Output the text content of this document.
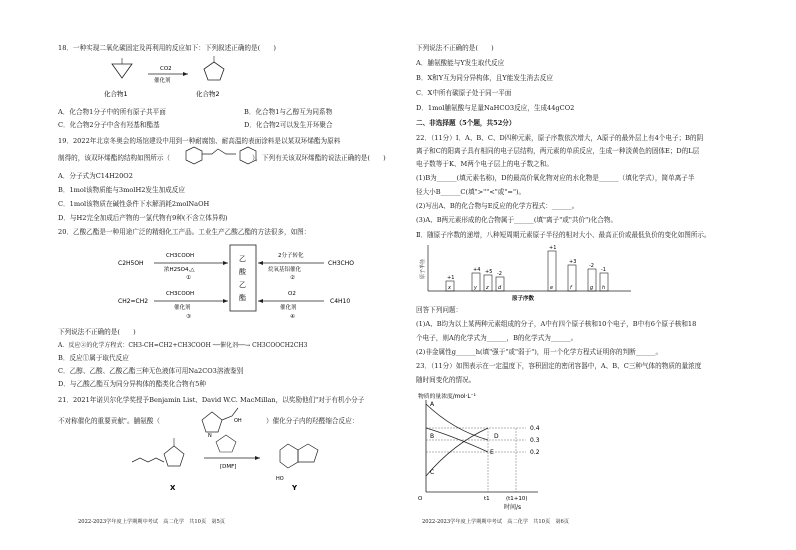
18．一种实现二氧化碳固定及再利用的反应如下：下列叙述正确的是(　　)
CO2
催化剂
化合物1	化合物2
A．化合物1分子中的所有原子共平面	B．化合物1与乙醇互为同系物
C．化合物2分子中含有羟基和酯基	D．化合物2可以发生开环聚合
19．2022年北京冬奥会的场馆建设中用到一种耐腐蚀、耐高温的表面涂料是以某双环烯酯为原料
制得的，该双环烯酯的结构如图所示（	），下列有关该双环烯酯的说法正确的是(　　)
A．分子式为C14H20O2
B．1mol该物质能与3molH2发生加成反应
C．1mol该物质在碱性条件下水解消耗2molNaOH
D．与H2完全加成后产物的一氯代物有9种(不含立体异构)
20．乙酸乙酯是一种用途广泛的精细化工产品。工业生产乙酸乙酯的方法很多，如图：
乙
酸
乙
酯
C2H5OH
CH3COOH
浓H2SO4,△
①
CH3CHO
2分子转化
烷氧基铝催化
②
CH2=CH2
CH3COOH
催化剂
③
C4H10
O2
催化剂
④
下列说法不正确的是(　　)
A．反应②的化学方程式：CH3-CH=CH2+CH3COOH ──催化剂──→ CH3COOCH2CH3
B．反应①属于取代反应
C．乙醇、乙酸、乙酸乙酯三种无色液体可用Na2CO3溶液鉴别
D．与乙酸乙酯互为同分异构体的酯类化合物有5种
21．2021年诺贝尔化学奖授予Benjamin List、David W.C. MacMillan，以奖励他们"对于有机小分子
不对称催化的重要贡献"。脯氨酸（
N
OH	）催化分子内的羟醛缩合反应：
X
[DMF]
HO
Y
2022-2023学年度上学期期中考试　高二化学　共10页　第5页
下列说法不正确的是(　　)
A．脯氨酸能与Y发生取代反应
B．X和Y互为同分异构体，且Y能发生消去反应
C．X中所有碳原子处于同一平面
D．1mol脯氨酸与足量NaHCO3反应，生成44gCO2
二、非选择题（5个题，共52分）
22．（11分）Ⅰ．A、B、C、D四种元素，原子序数依次增大，A原子的最外层上有4个电子；B的阴
离子和C的阳离子具有相同的电子层结构，两元素的单质反应，生成一种淡黄色的固体E；D的L层
电子数等于K、M两个电子层上的电子数之和。
(1)B为______(填元素名称)，D的最高价氧化物对应的水化物是______（填化学式），简单离子半
径大小B______C(填">""<"或"=")。
(2)写出A、B的化合物与E反应的化学方程式：______。
(3)A、B两元素形成的化合物属于______(填"离子"或"共价")化合物。
Ⅱ．随原子序数的递增，八种短周期元素原子半径的相对大小、最高正价或最低负价的变化如图所示。
原子半径
原子序数
+1
x
+4
y
+5
z
-2
d
+1
e
+3
f
-2
g
-1
h
回答下列问题：
(1)A、B均为以上某两种元素组成的分子，A中有四个原子核和10个电子，B中有6个原子核和18
个电子，则A的化学式为______，B的化学式为______。
(2)非金属性g______h(填"强于"或"弱于")，用一个化学方程式证明你的判断______。
23．（11分）如图表示在一定温度下，容积固定的密闭容器中，A、B、C三种气体的物质的量浓度
随时间变化的情况。
物质的量浓度/mol·L⁻¹
O
A
B
C
D
E
0.4
0.3
0.2
t1	(t1+10)
时间/s
2022-2023学年度上学期期中考试　高二化学　共10页　第6页
